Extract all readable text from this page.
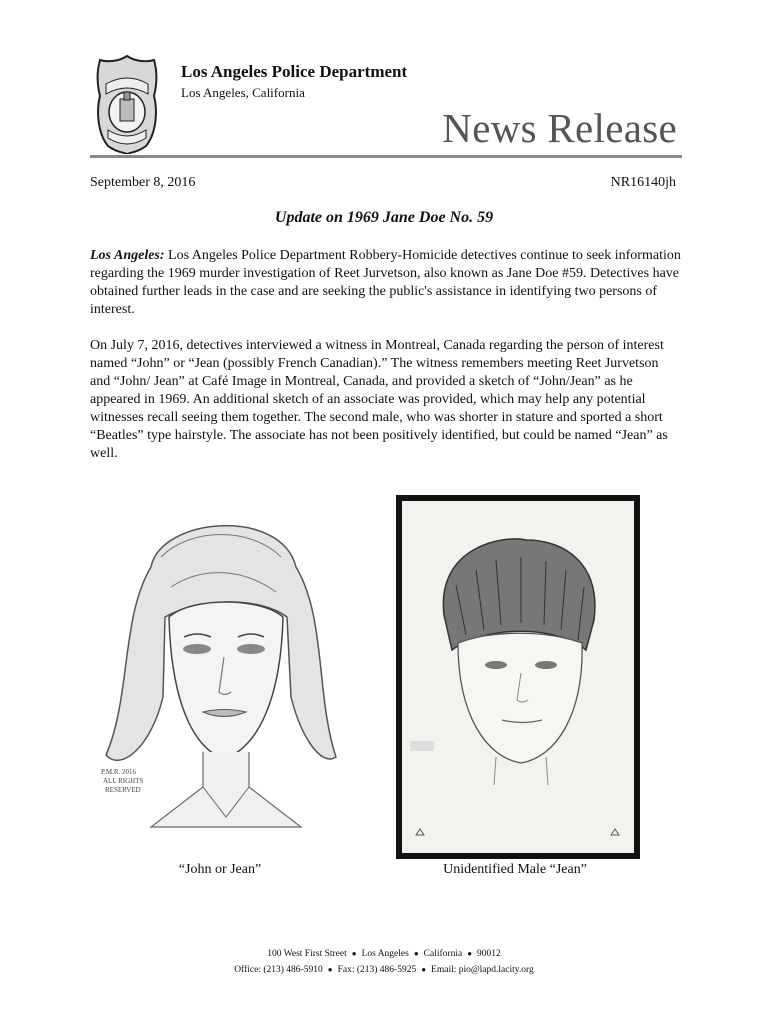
Los Angeles Police Department
Los Angeles, California
News Release
September 8, 2016	NR16140jh
Update on 1969 Jane Doe No. 59
Los Angeles: Los Angeles Police Department Robbery-Homicide detectives continue to seek information regarding the 1969 murder investigation of Reet Jurvetson, also known as Jane Doe #59. Detectives have obtained further leads in the case and are seeking the public's assistance in identifying two persons of interest.
On July 7, 2016, detectives interviewed a witness in Montreal, Canada regarding the person of interest named “John” or “Jean (possibly French Canadian).” The witness remembers meeting Reet Jurvetson and “John/ Jean” at Café Image in Montreal, Canada, and provided a sketch of “John/Jean” as he appeared in 1969. An additional sketch of an associate was provided, which may help any potential witnesses recall seeing them together. The second male, who was shorter in stature and sported a short “Beatles” type hairstyle. The associate has not been positively identified, but could be named “Jean” as well.
P.M.R. 2016
ALL RIGHTS
RESERVED
“John or Jean”	Unidentified Male “Jean”
100 West First Street ● Los Angeles ● California ● 90012
Office: (213) 486-5910 ● Fax: (213) 486-5925 ● Email: pio@lapd.lacity.org
